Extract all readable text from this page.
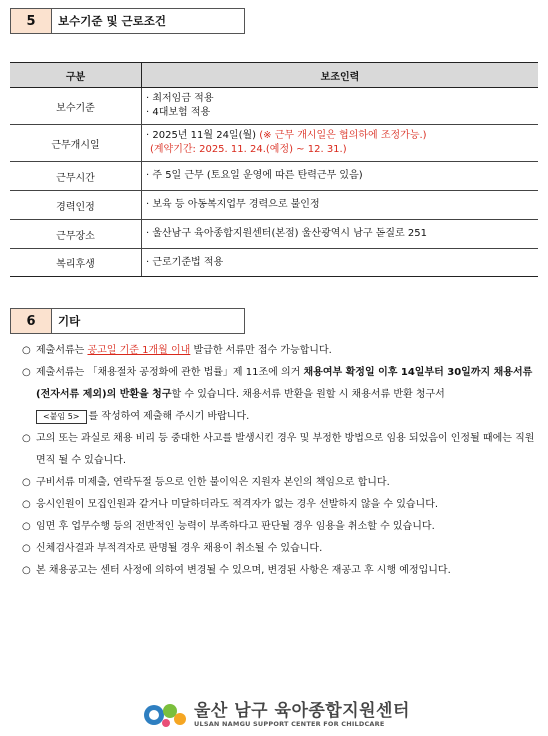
5	보수기준 및 근로조건
구분	보조인력
보수기준	· 최저임금 적용
· 4대보험 적용

근무개시일	· 2025년 11월 24일(월) (※ 근무 개시일은 협의하에 조정가능.)
(계약기간: 2025. 11. 24.(예정) ~ 12. 31.)

근무시간	· 주 5일 근무 (토요일 운영에 따른 탄력근무 있음)
경력인정	· 보육 등 아동복지업무 경력으로 불인정
근무장소	· 울산남구 육아종합지원센터(본점) 울산광역시 남구 돋질로 251
복리후생	· 근로기준법 적용
6	기타
○ 제출서류는 공고일 기준 1개월 이내 발급한 서류만 접수 가능합니다.
○ 제출서류는 「채용절차 공정화에 관한 법률」제 11조에 의거 채용여부 확정일 이후 14일부터 30일까지 채용서류(전자서류 제외)의 반환을 청구할 수 있습니다. 채용서류 반환을 원할 시 채용서류 반환 청구서
<붙임 5> 를 작성하여 제출해 주시기 바랍니다.
○ 고의 또는 과실로 채용 비리 등 중대한 사고를 발생시킨 경우 및 부정한 방법으로 임용 되었음이 인정될 때에는 직원면직 될 수 있습니다.
○ 구비서류 미제출, 연락두절 등으로 인한 불이익은 지원자 본인의 책임으로 합니다.
○ 응시인원이 모집인원과 같거나 미달하더라도 적격자가 없는 경우 선발하지 않을 수 있습니다.
○ 임면 후 업무수행 등의 전반적인 능력이 부족하다고 판단될 경우 임용을 취소할 수 있습니다.
○ 신체검사결과 부적격자로 판명될 경우 채용이 취소될 수 있습니다.
○ 본 채용공고는 센터 사정에 의하여 변경될 수 있으며, 변경된 사항은 재공고 후 시행 예정입니다.
울산 남구 육아종합지원센터
ULSAN NAMGU SUPPORT CENTER FOR CHILDCARE
